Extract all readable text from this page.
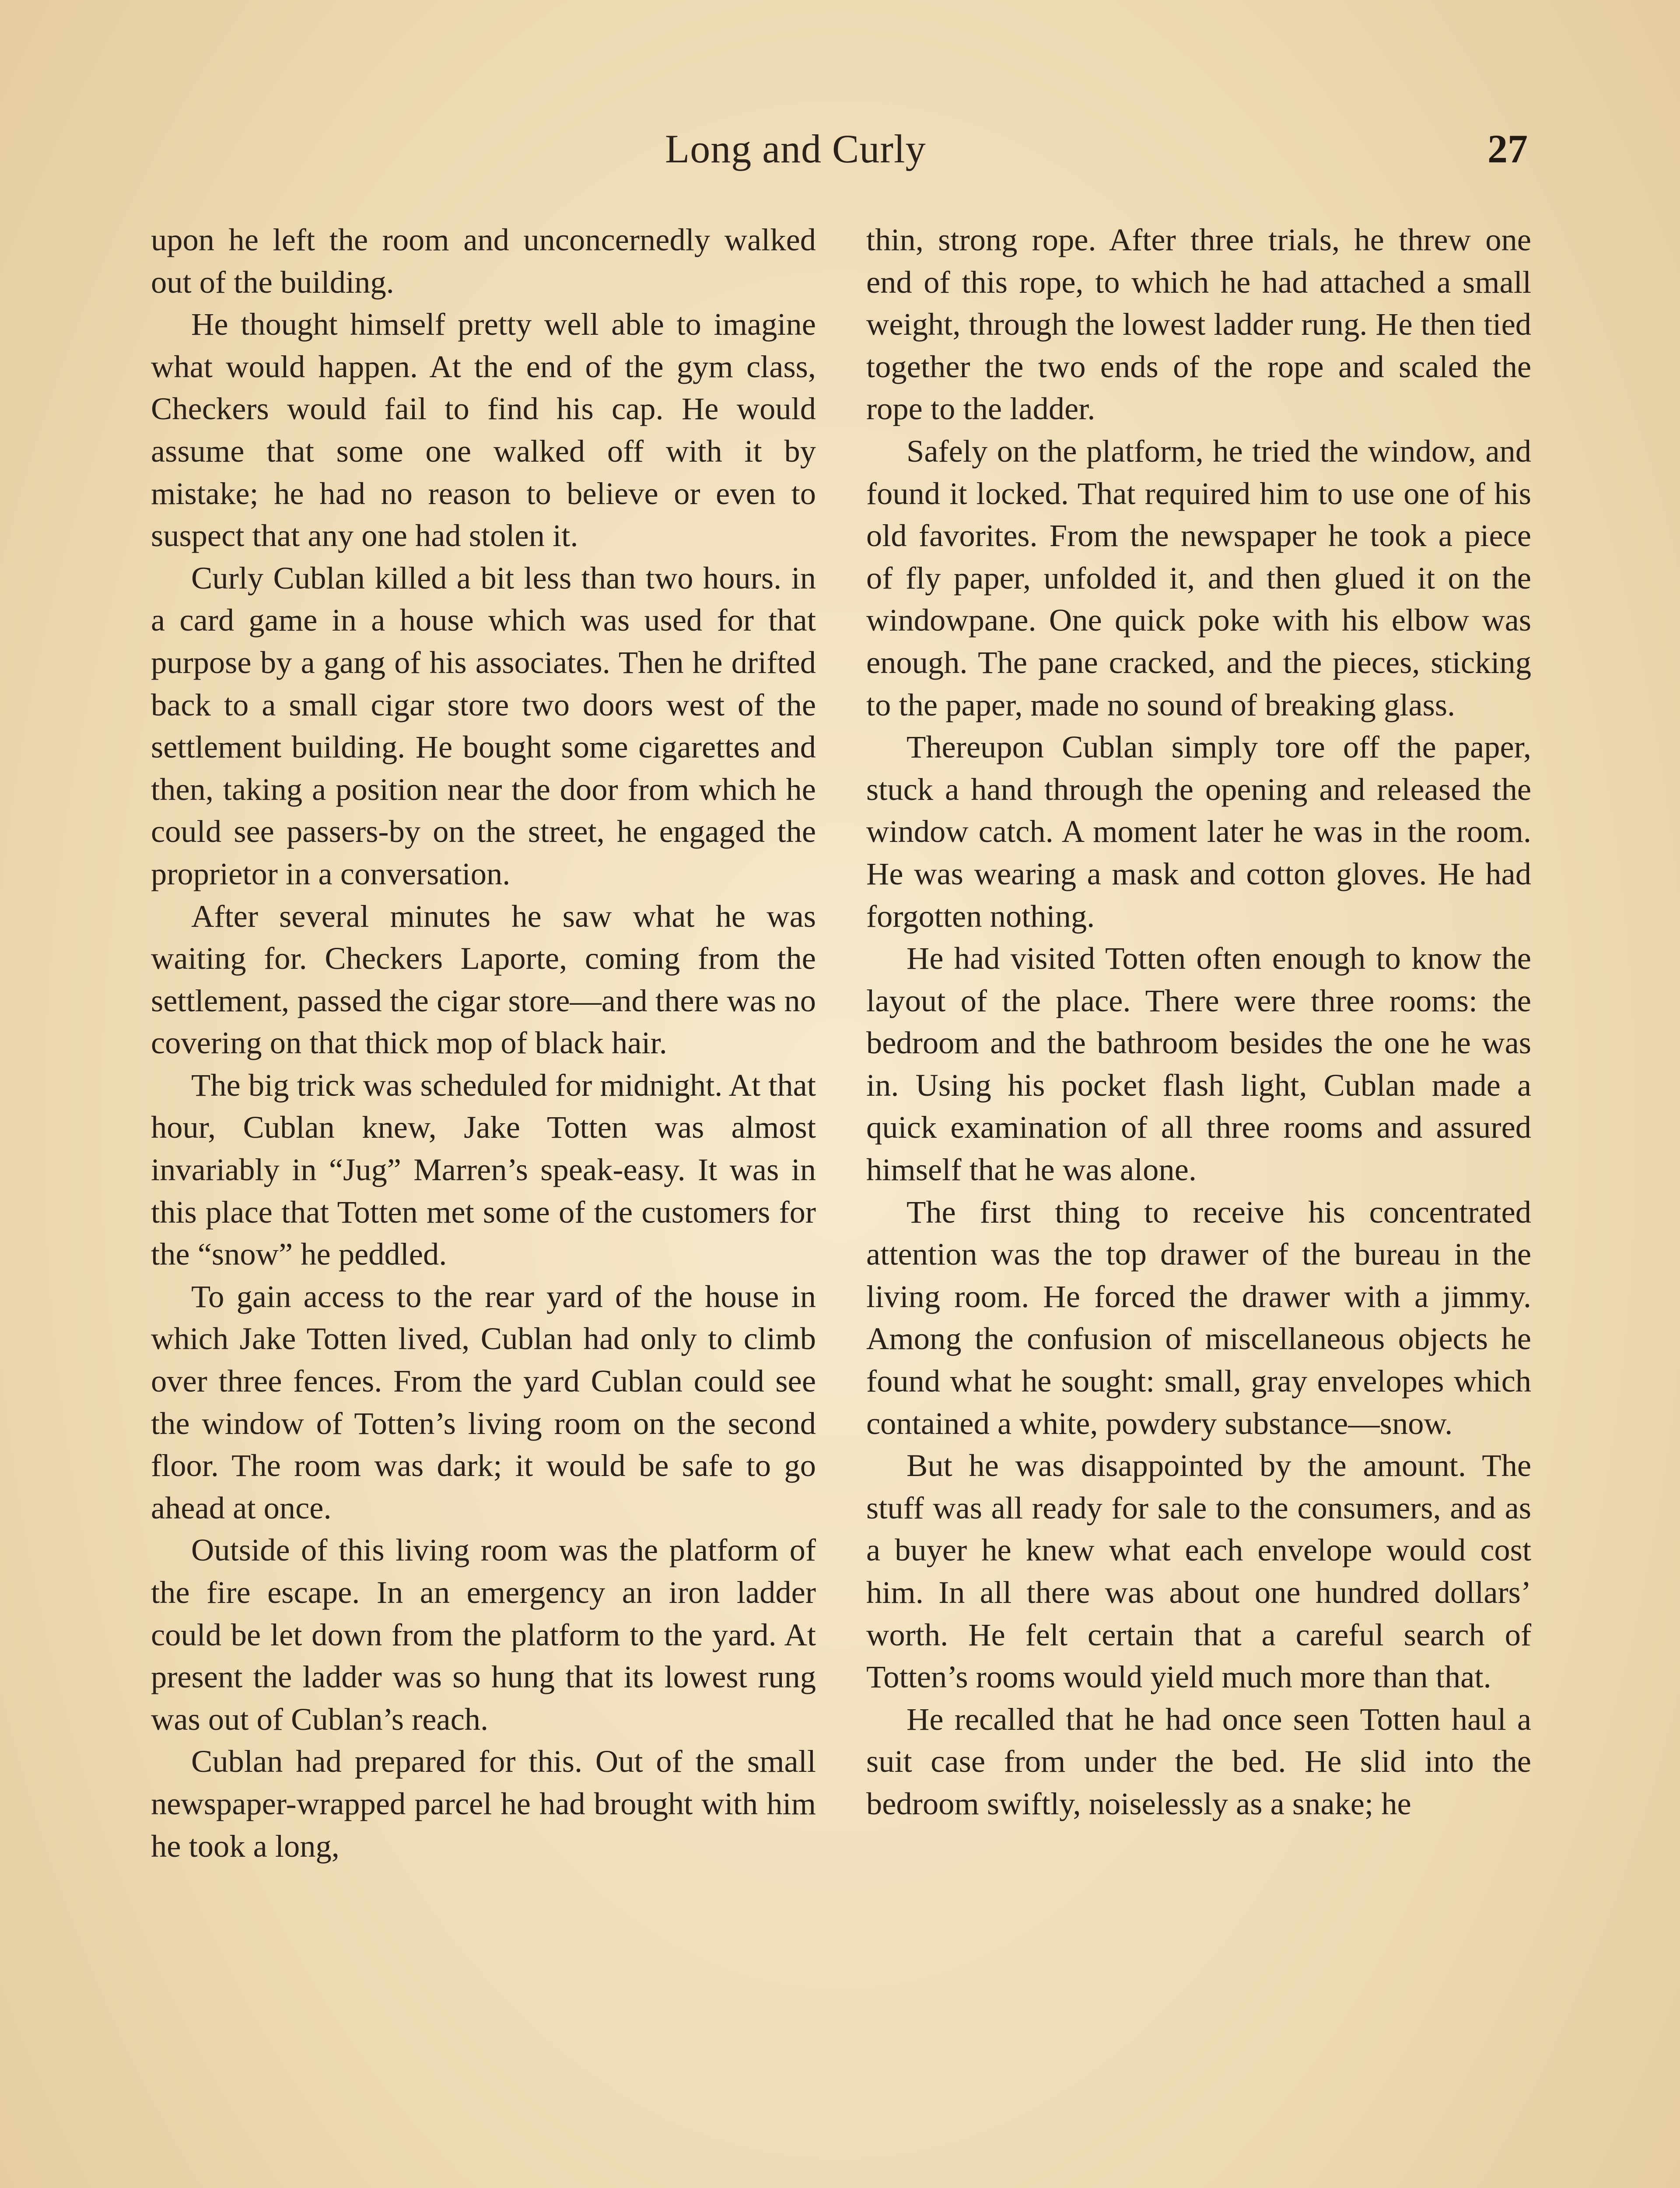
Long and Curly	27

upon he left the room and unconcernedly walked out of the building.

He thought himself pretty well able to imagine what would happen. At the end of the gym class, Checkers would fail to find his cap. He would assume that some one walked off with it by mistake; he had no reason to believe or even to suspect that any one had stolen it.

Curly Cublan killed a bit less than two hours. in a card game in a house which was used for that purpose by a gang of his associates. Then he drifted back to a small cigar store two doors west of the settlement building. He bought some cigarettes and then, taking a position near the door from which he could see passers-by on the street, he engaged the proprietor in a conversation.

After several minutes he saw what he was waiting for. Checkers Laporte, coming from the settlement, passed the cigar store—and there was no covering on that thick mop of black hair.

The big trick was scheduled for midnight. At that hour, Cublan knew, Jake Totten was almost invariably in “Jug” Marren’s speak-easy. It was in this place that Totten met some of the customers for the “snow” he peddled.

To gain access to the rear yard of the house in which Jake Totten lived, Cublan had only to climb over three fences. From the yard Cublan could see the window of Totten’s living room on the second floor. The room was dark; it would be safe to go ahead at once.

Outside of this living room was the platform of the fire escape. In an emergency an iron ladder could be let down from the platform to the yard. At present the ladder was so hung that its lowest rung was out of Cublan’s reach.

Cublan had prepared for this. Out of the small newspaper-wrapped parcel he had brought with him he took a long,

thin, strong rope. After three trials, he threw one end of this rope, to which he had attached a small weight, through the lowest ladder rung. He then tied together the two ends of the rope and scaled the rope to the ladder.

Safely on the platform, he tried the window, and found it locked. That required him to use one of his old favorites. From the newspaper he took a piece of fly paper, unfolded it, and then glued it on the windowpane. One quick poke with his elbow was enough. The pane cracked, and the pieces, sticking to the paper, made no sound of breaking glass.

Thereupon Cublan simply tore off the paper, stuck a hand through the opening and released the window catch. A moment later he was in the room. He was wearing a mask and cotton gloves. He had forgotten nothing.

He had visited Totten often enough to know the layout of the place. There were three rooms: the bedroom and the bathroom besides the one he was in. Using his pocket flash light, Cublan made a quick examination of all three rooms and assured himself that he was alone.

The first thing to receive his concentrated attention was the top drawer of the bureau in the living room. He forced the drawer with a jimmy. Among the confusion of miscellaneous objects he found what he sought: small, gray envelopes which contained a white, powdery substance—snow.

But he was disappointed by the amount. The stuff was all ready for sale to the consumers, and as a buyer he knew what each envelope would cost him. In all there was about one hundred dollars’ worth. He felt certain that a careful search of Totten’s rooms would yield much more than that.

He recalled that he had once seen Totten haul a suit case from under the bed. He slid into the bedroom swiftly, noiselessly as a snake; he
